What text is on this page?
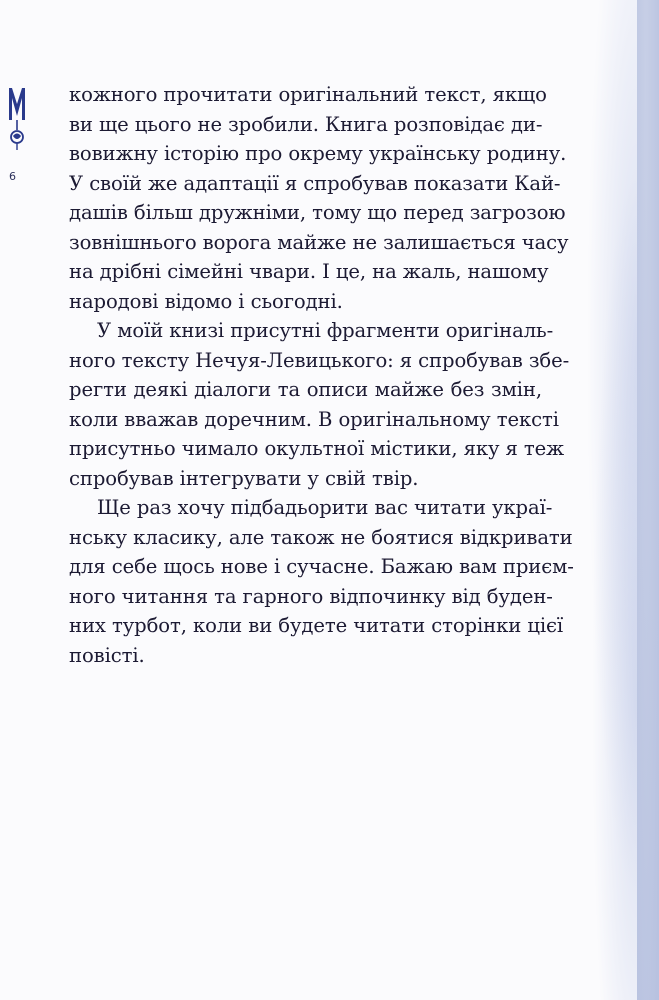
6
кожного прочитати оригінальний текст, якщо
ви ще цього не зробили. Книга розповідає ди-
вовижну історію про окрему українську родину.
У своїй же адаптації я спробував показати Кай-
дашів більш дружніми, тому що перед загрозою
зовнішнього ворога майже не залишається часу
на дрібні сімейні чвари. І це, на жаль, нашому
народові відомо і сьогодні.
У моїй книзі присутні фрагменти оригіналь-
ного тексту Нечуя-Левицького: я спробував збе-
регти деякі діалоги та описи майже без змін,
коли вважав доречним. В оригінальному тексті
присутньо чимало окультної містики, яку я теж
спробував інтегрувати у свій твір.
Ще раз хочу підбадьорити вас читати украї-
нську класику, але також не боятися відкривати
для себе щось нове і сучасне. Бажаю вам приєм-
ного читання та гарного відпочинку від буден-
них турбот, коли ви будете читати сторінки цієї
повісті.
